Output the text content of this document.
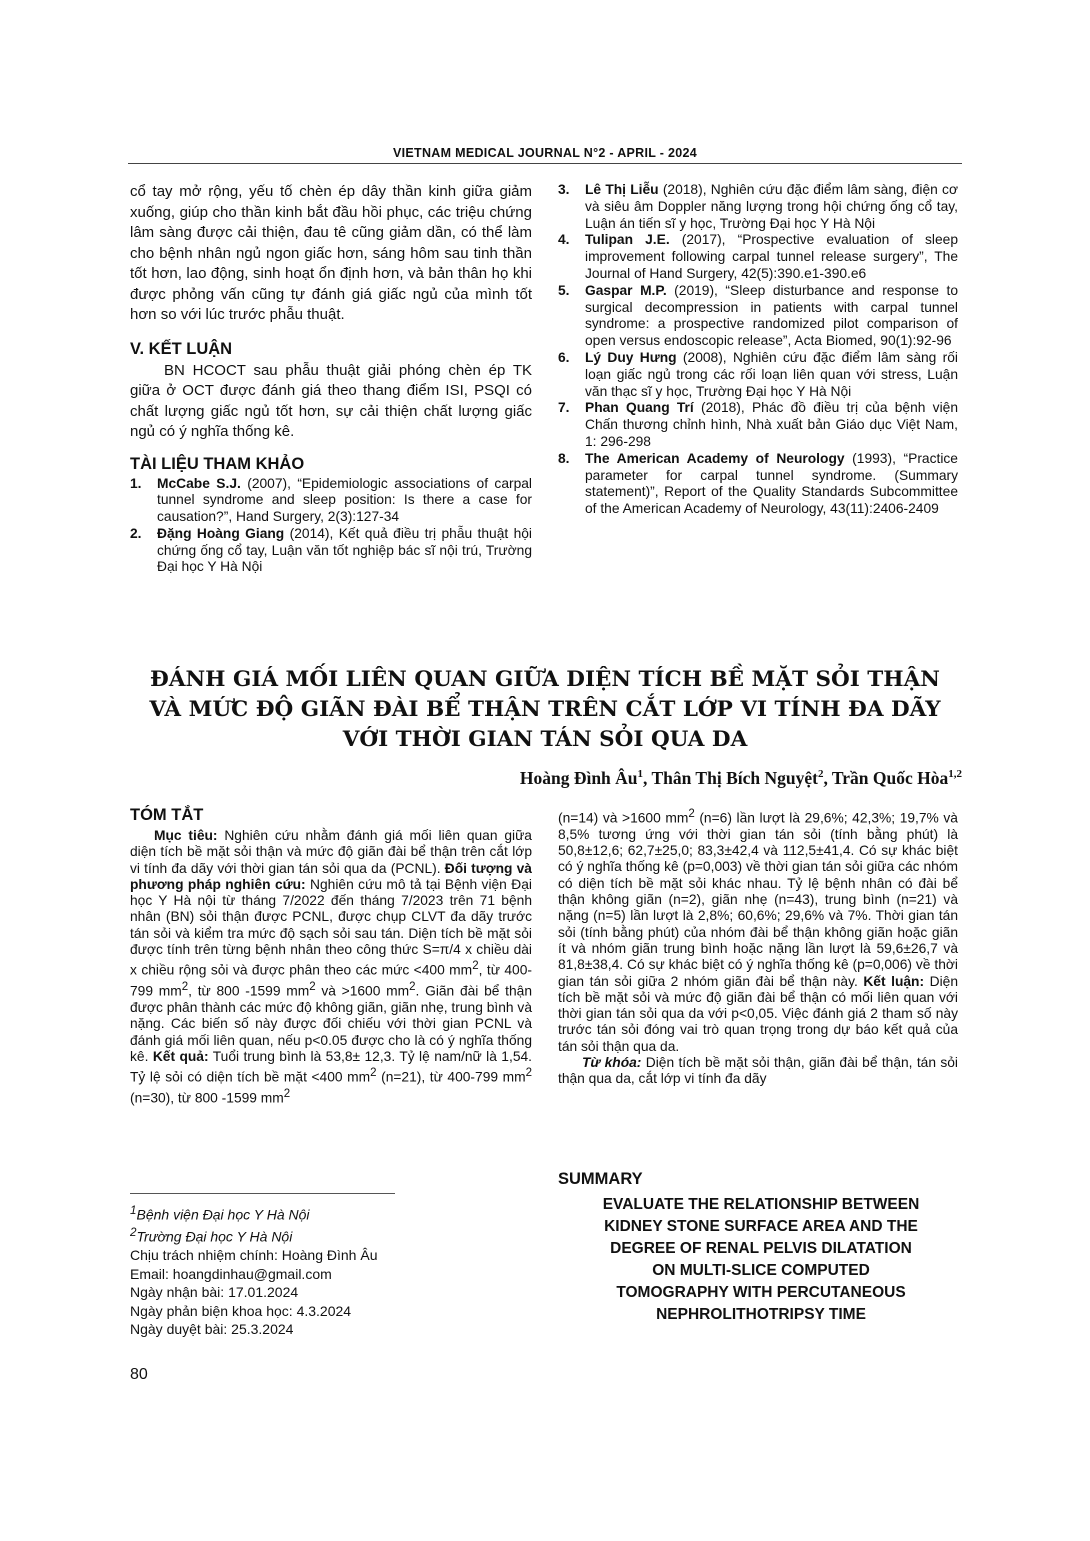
VIETNAM MEDICAL JOURNAL N°2 - APRIL - 2024

cổ tay mở rộng, yếu tố chèn ép dây thần kinh giữa giảm xuống, giúp cho thần kinh bắt đầu hồi phục, các triệu chứng lâm sàng được cải thiện, đau tê cũng giảm dần, có thể làm cho bệnh nhân ngủ ngon giấc hơn, sáng hôm sau tinh thần tốt hơn, lao động, sinh hoạt ổn định hơn, và bản thân họ khi được phỏng vấn cũng tự đánh giá giấc ngủ của mình tốt hơn so với lúc trước phẫu thuật.

V. KẾT LUẬN

BN HCOCT sau phẫu thuật giải phóng chèn ép TK giữa ở OCT được đánh giá theo thang điểm ISI, PSQI có chất lượng giấc ngủ tốt hơn, sự cải thiện chất lượng giấc ngủ có ý nghĩa thống kê.

TÀI LIỆU THAM KHẢO

1.	McCabe S.J. (2007), “Epidemiologic associations of carpal tunnel syndrome and sleep position: Is there a case for causation?”, Hand Surgery, 2(3):127-34
2.	Đặng Hoàng Giang (2014), Kết quả điều trị phẫu thuật hội chứng ống cổ tay, Luận văn tốt nghiệp bác sĩ nội trú, Trường Đại học Y Hà Nội
3.	Lê Thị Liễu (2018), Nghiên cứu đặc điểm lâm sàng, điện cơ và siêu âm Doppler năng lượng trong hội chứng ống cổ tay, Luận án tiến sĩ y học, Trường Đại học Y Hà Nội
4.	Tulipan J.E. (2017), “Prospective evaluation of sleep improvement following carpal tunnel release surgery”, The Journal of Hand Surgery, 42(5):390.e1-390.e6
5.	Gaspar M.P. (2019), “Sleep disturbance and response to surgical decompression in patients with carpal tunnel syndrome: a prospective randomized pilot comparison of open versus endoscopic release”, Acta Biomed, 90(1):92-96
6.	Lý Duy Hưng (2008), Nghiên cứu đặc điểm lâm sàng rối loạn giấc ngủ trong các rối loạn liên quan với stress, Luận văn thạc sĩ y học, Trường Đại học Y Hà Nội
7.	Phan Quang Trí (2018), Phác đồ điều trị của bệnh viện Chấn thương chỉnh hình, Nhà xuất bản Giáo dục Việt Nam, 1: 296-298
8.	The American Academy of Neurology (1993), “Practice parameter for carpal tunnel syndrome. (Summary statement)”, Report of the Quality Standards Subcommittee of the American Academy of Neurology, 43(11):2406-2409
ĐÁNH GIÁ MỐI LIÊN QUAN GIỮA DIỆN TÍCH BỀ MẶT SỎI THẬN
VÀ MỨC ĐỘ GIÃN ĐÀI BỂ THẬN TRÊN CẮT LỚP VI TÍNH ĐA DÃY
VỚI THỜI GIAN TÁN SỎI QUA DA
Hoàng Đình $Âu^1$, Thân Thị Bích Nguyệt$^2$, Trần Quốc Hòa$^{1,2}$

TÓM TẮT

Mục tiêu: Nghiên cứu nhằm đánh giá mối liên quan giữa diện tích bề mặt sỏi thận và mức độ giãn đài bể thận trên cắt lớp vi tính đa dãy với thời gian tán sỏi qua da (PCNL). Đối tượng và phương pháp nghiên cứu: Nghiên cứu mô tả tại Bệnh viện Đại học Y Hà nội từ tháng 7/2022 đến tháng 7/2023 trên 71 bệnh nhân (BN) sỏi thận được PCNL, được chụp CLVT đa dãy trước tán sỏi và kiểm tra mức độ sạch sỏi sau tán. Diện tích bề mặt sỏi được tính trên từng bệnh nhân theo công thức S=π/4 x chiều dài x chiều rộng sỏi và được phân theo các mức <400 $mm^2$, từ 400-799 $mm^2$, từ 800 -1599 $mm^2$ và >1600 $mm^2$. Giãn đài bể thận được phân thành các mức độ không giãn, giãn nhẹ, trung bình và nặng. Các biến số này được đối chiếu với thời gian PCNL và đánh giá mối liên quan, nếu p<0.05 được cho là có ý nghĩa thống kê. Kết quả: Tuổi trung bình là 53,8± 12,3. Tỷ lệ nam/nữ là 1,54. Tỷ lệ sỏi có diện tích bề mặt <400 $mm^2$ (n=21), từ 400-799 $mm^2$ (n=30), từ 800 -1599 $mm^2$

$^1$Bệnh viện Đại học Y Hà Nội
$^2$Trường Đại học Y Hà Nội
Chịu trách nhiệm chính: Hoàng Đình Âu
Email: hoangdinhau@gmail.com
Ngày nhận bài: 17.01.2024
Ngày phản biện khoa học: 4.3.2024
Ngày duyệt bài: 25.3.2024

(n=14) và >1600 $mm^2$ (n=6) lần lượt là 29,6%; 42,3%; 19,7% và 8,5% tương ứng với thời gian tán sỏi (tính bằng phút) là 50,8±12,6; 62,7±25,0; 83,3±42,4 và 112,5±41,4. Có sự khác biệt có ý nghĩa thống kê (p=0,003) về thời gian tán sỏi giữa các nhóm có diện tích bề mặt sỏi khác nhau. Tỷ lệ bệnh nhân có đài bể thận không giãn (n=2), giãn nhẹ (n=43), trung bình (n=21) và nặng (n=5) lần lượt là 2,8%; 60,6%; 29,6% và 7%. Thời gian tán sỏi (tính bằng phút) của nhóm đài bể thận không giãn hoặc giãn ít và nhóm giãn trung bình hoặc nặng lần lượt là 59,6±26,7 và 81,8±38,4. Có sự khác biệt có ý nghĩa thống kê (p=0,006) về thời gian tán sỏi giữa 2 nhóm giãn đài bể thận này. Kết luận: Diện tích bề mặt sỏi và mức độ giãn đài bể thận có mối liên quan với thời gian tán sỏi qua da với p<0,05. Việc đánh giá 2 tham số này trước tán sỏi đóng vai trò quan trọng trong dự báo kết quả của tán sỏi thận qua da.

Từ khóa: Diện tích bề mặt sỏi thận, giãn đài bể thận, tán sỏi thận qua da, cắt lớp vi tính đa dãy

SUMMARY
EVALUATE THE RELATIONSHIP BETWEEN
KIDNEY STONE SURFACE AREA AND THE
DEGREE OF RENAL PELVIS DILATATION
ON MULTI-SLICE COMPUTED
TOMOGRAPHY WITH PERCUTANEOUS
NEPHROLITHOTRIPSY TIME
80
